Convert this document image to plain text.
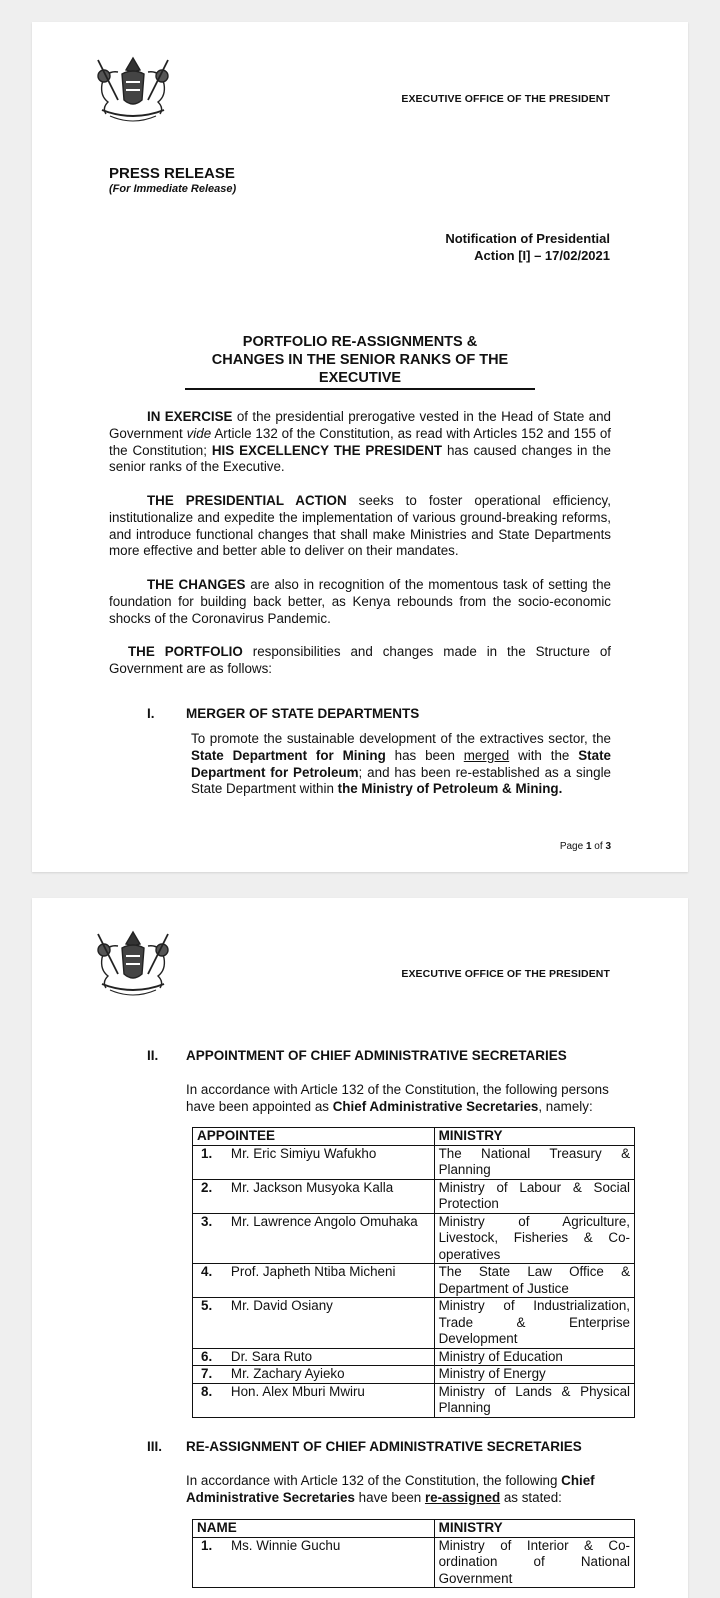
EXECUTIVE OFFICE OF THE PRESIDENT
PRESS RELEASE
(For Immediate Release)
Notification of Presidential
Action [I] – 17/02/2021
PORTFOLIO RE-ASSIGNMENTS &
CHANGES IN THE SENIOR RANKS OF THE
EXECUTIVE
IN EXERCISE of the presidential prerogative vested in the Head of State and Government vide Article 132 of the Constitution, as read with Articles 152 and 155 of the Constitution; HIS EXCELLENCY THE PRESIDENT has caused changes in the senior ranks of the Executive.
THE PRESIDENTIAL ACTION seeks to foster operational efficiency, institutionalize and expedite the implementation of various ground-breaking reforms, and introduce functional changes that shall make Ministries and State Departments more effective and better able to deliver on their mandates.
THE CHANGES are also in recognition of the momentous task of setting the foundation for building back better, as Kenya rebounds from the socio-economic shocks of the Coronavirus Pandemic.
THE PORTFOLIO responsibilities and changes made in the Structure of Government are as follows:
I. MERGER OF STATE DEPARTMENTS
To promote the sustainable development of the extractives sector, the State Department for Mining has been merged with the State Department for Petroleum; and has been re-established as a single State Department within the Ministry of Petroleum & Mining.
Page 1 of 3
EXECUTIVE OFFICE OF THE PRESIDENT
II. APPOINTMENT OF CHIEF ADMINISTRATIVE SECRETARIES
In accordance with Article 132 of the Constitution, the following persons have been appointed as Chief Administrative Secretaries, namely:
APPOINTEE		MINISTRY
1.	Mr. Eric Simiyu Wafukho	The National Treasury & Planning
2.	Mr. Jackson Musyoka Kalla	Ministry of Labour & Social Protection
3.	Mr. Lawrence Angolo Omuhaka	Ministry of Agriculture, Livestock, Fisheries & Co-operatives
4.	Prof. Japheth Ntiba Micheni	The State Law Office & Department of Justice
5.	Mr. David Osiany	Ministry of Industrialization, Trade & Enterprise Development
6.	Dr. Sara Ruto	Ministry of Education
7.	Mr. Zachary Ayieko	Ministry of Energy
8.	Hon. Alex Mburi Mwiru	Ministry of Lands & Physical Planning
III. RE-ASSIGNMENT OF CHIEF ADMINISTRATIVE SECRETARIES
In accordance with Article 132 of the Constitution, the following Chief Administrative Secretaries have been re-assigned as stated:
NAME		MINISTRY
1.	Ms. Winnie Guchu	Ministry of Interior & Co-ordination of National Government
